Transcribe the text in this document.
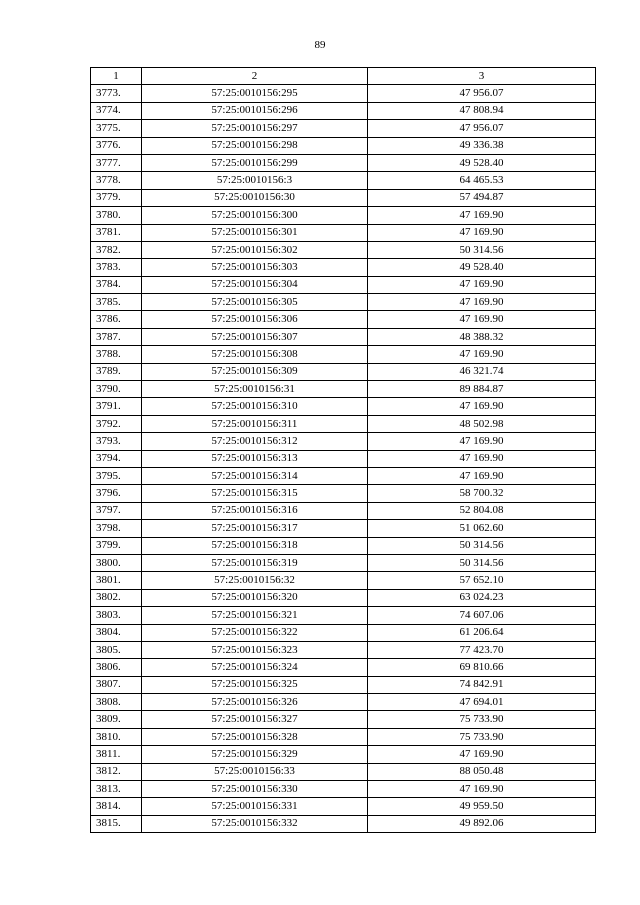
89
1	2	3
3773.	57:25:0010156:295	47 956.07
3774.	57:25:0010156:296	47 808.94
3775.	57:25:0010156:297	47 956.07
3776.	57:25:0010156:298	49 336.38
3777.	57:25:0010156:299	49 528.40
3778.	57:25:0010156:3	64 465.53
3779.	57:25:0010156:30	57 494.87
3780.	57:25:0010156:300	47 169.90
3781.	57:25:0010156:301	47 169.90
3782.	57:25:0010156:302	50 314.56
3783.	57:25:0010156:303	49 528.40
3784.	57:25:0010156:304	47 169.90
3785.	57:25:0010156:305	47 169.90
3786.	57:25:0010156:306	47 169.90
3787.	57:25:0010156:307	48 388.32
3788.	57:25:0010156:308	47 169.90
3789.	57:25:0010156:309	46 321.74
3790.	57:25:0010156:31	89 884.87
3791.	57:25:0010156:310	47 169.90
3792.	57:25:0010156:311	48 502.98
3793.	57:25:0010156:312	47 169.90
3794.	57:25:0010156:313	47 169.90
3795.	57:25:0010156:314	47 169.90
3796.	57:25:0010156:315	58 700.32
3797.	57:25:0010156:316	52 804.08
3798.	57:25:0010156:317	51 062.60
3799.	57:25:0010156:318	50 314.56
3800.	57:25:0010156:319	50 314.56
3801.	57:25:0010156:32	57 652.10
3802.	57:25:0010156:320	63 024.23
3803.	57:25:0010156:321	74 607.06
3804.	57:25:0010156:322	61 206.64
3805.	57:25:0010156:323	77 423.70
3806.	57:25:0010156:324	69 810.66
3807.	57:25:0010156:325	74 842.91
3808.	57:25:0010156:326	47 694.01
3809.	57:25:0010156:327	75 733.90
3810.	57:25:0010156:328	75 733.90
3811.	57:25:0010156:329	47 169.90
3812.	57:25:0010156:33	88 050.48
3813.	57:25:0010156:330	47 169.90
3814.	57:25:0010156:331	49 959.50
3815.	57:25:0010156:332	49 892.06
